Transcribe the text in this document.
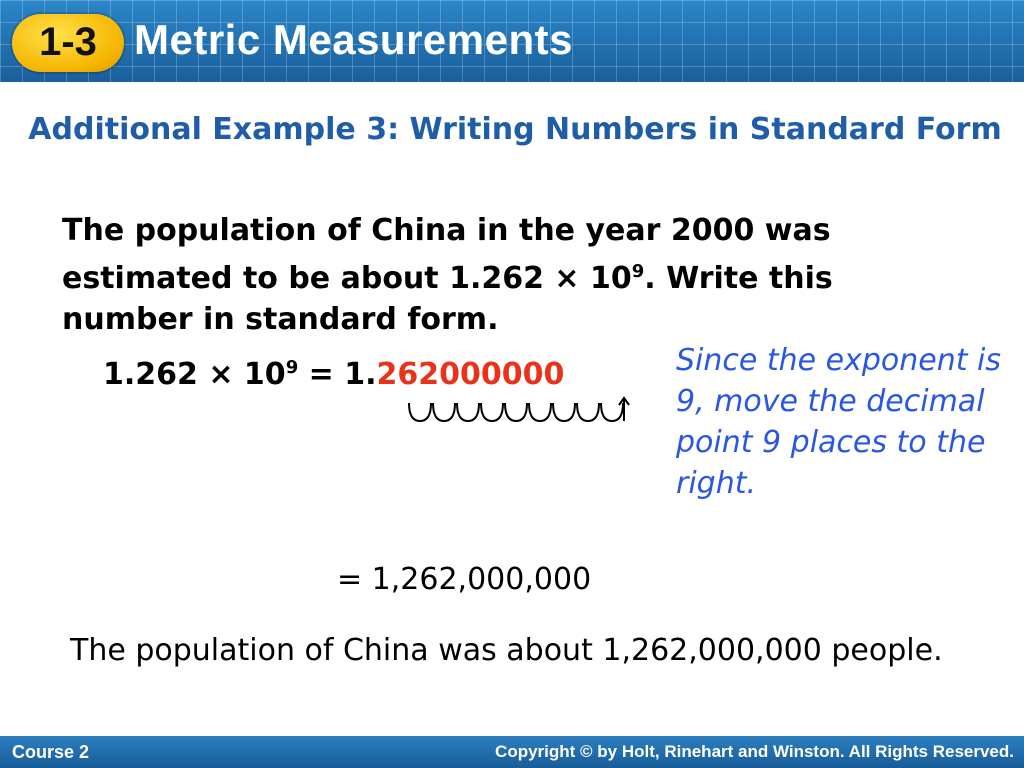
1-3 Metric Measurements
Additional Example 3: Writing Numbers in Standard Form
The population of China in the year 2000 was estimated to be about $1.262 \times 10^9$. Write this number in standard form.
$1.262 \times 10^9 = 1.262000000$	Since the exponent is 9, move the decimal point 9 places to the right.
= 1,262,000,000
The population of China was about 1,262,000,000 people.
Course 2	Copyright © by Holt, Rinehart and Winston. All Rights Reserved.
